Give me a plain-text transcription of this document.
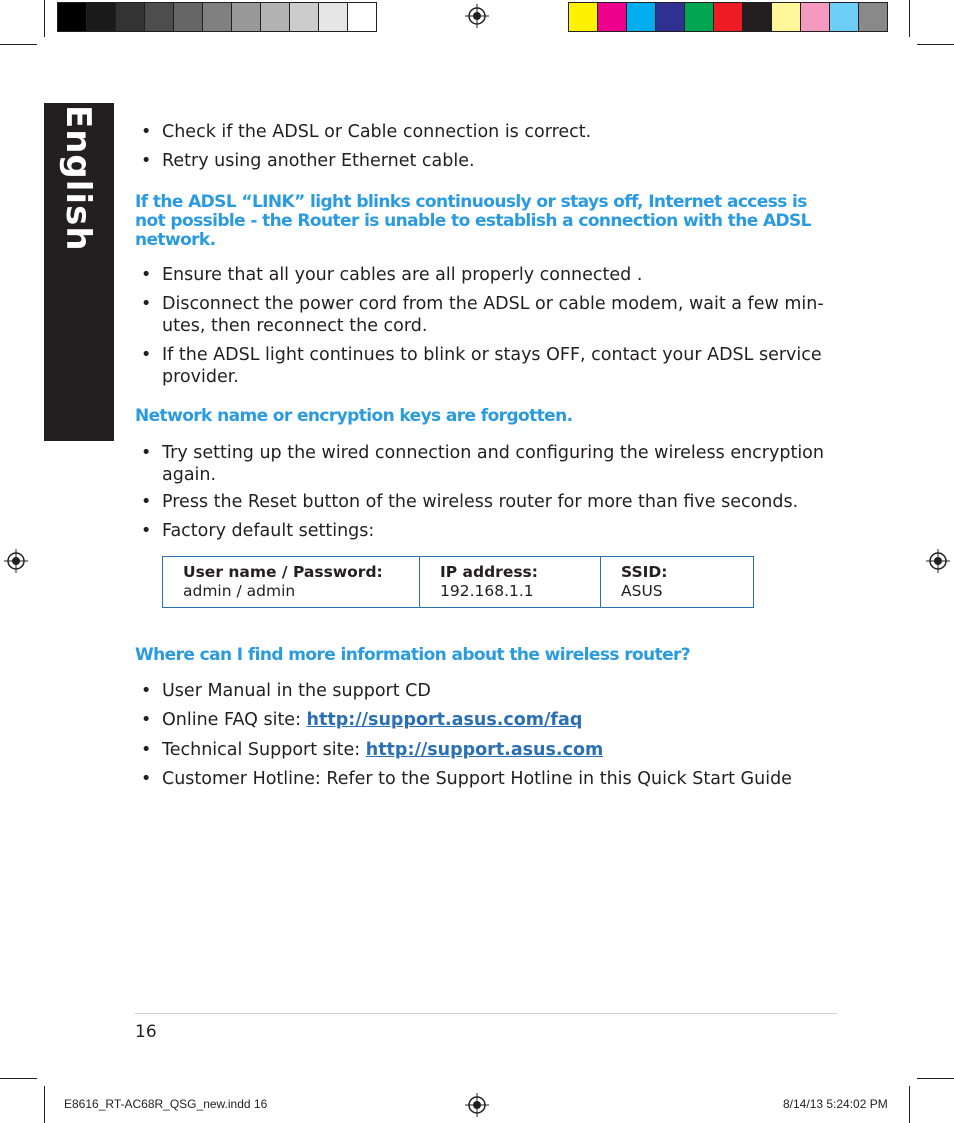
English • Check if the ADSL or Cable connection is correct.
• Retry using another Ethernet cable.
If the ADSL “LINK” light blinks continuously or stays off, Internet access is
not possible - the Router is unable to establish a connection with the ADSL
network.
• Ensure that all your cables are all properly connected .
• Disconnect the power cord from the ADSL or cable modem, wait a few min-
utes, then reconnect the cord.
• If the ADSL light continues to blink or stays OFF, contact your ADSL service
provider.
Network name or encryption keys are forgotten.
• Try setting up the wired connection and configuring the wireless encryption
again.
• Press the Reset button of the wireless router for more than five seconds.
• Factory default settings:
User name / Password:
admin / admin
IP address:
192.168.1.1
SSID:
ASUS
Where can I find more information about the wireless router?
• User Manual in the support CD
• Online FAQ site: http://support.asus.com/faq
• Technical Support site: http://support.asus.com
• Customer Hotline: Refer to the Support Hotline in this Quick Start Guide
16
E8616_RT-AC68R_QSG_new.indd 16	8/14/13 5:24:02 PM
